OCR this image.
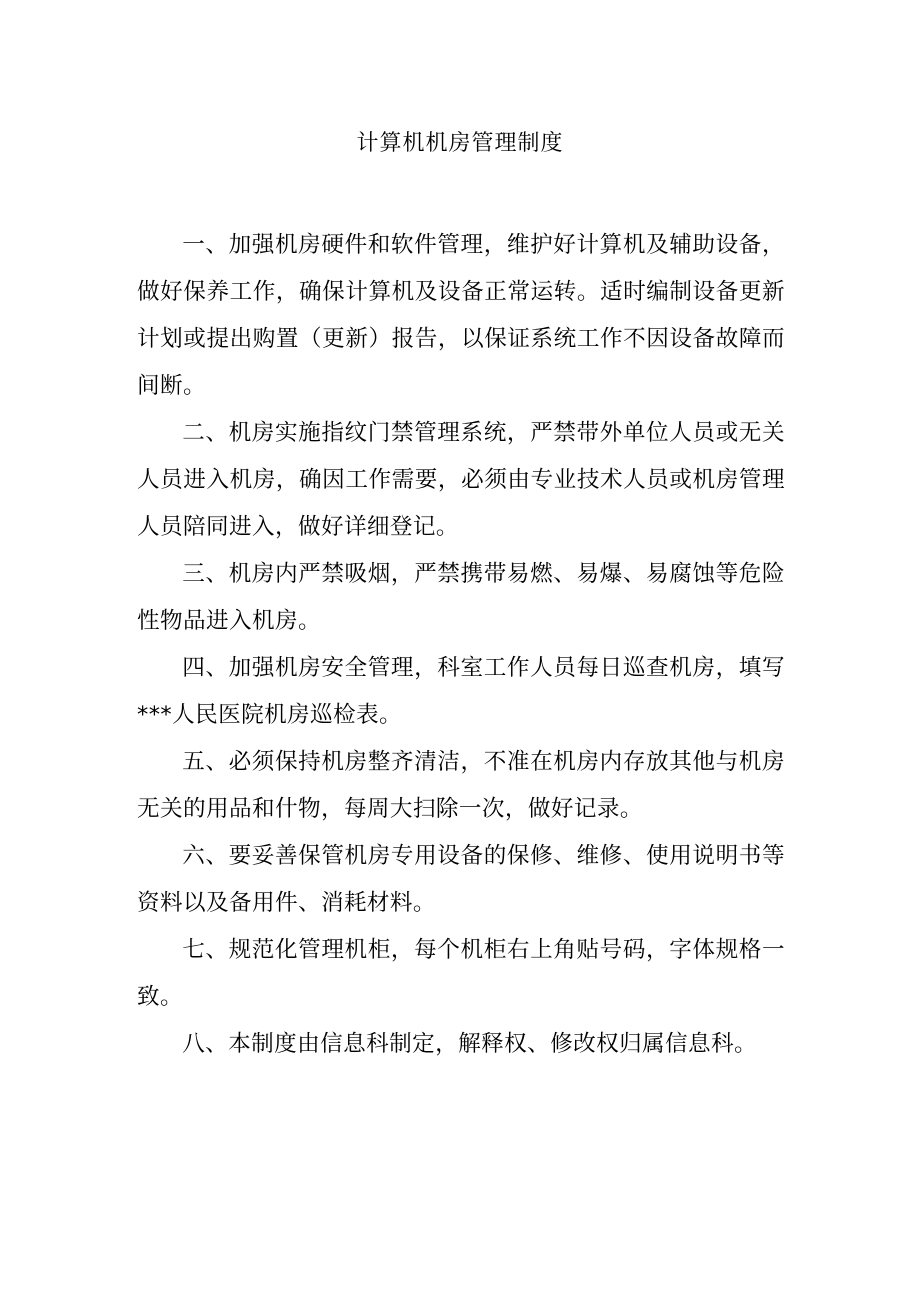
计算机机房管理制度

一、加强机房硬件和软件管理，维护好计算机及辅助设备，做好保养工作，确保计算机及设备正常运转。适时编制设备更新计划或提出购置（更新）报告，以保证系统工作不因设备故障而间断。

二、机房实施指纹门禁管理系统，严禁带外单位人员或无关人员进入机房，确因工作需要，必须由专业技术人员或机房管理人员陪同进入，做好详细登记。

三、机房内严禁吸烟，严禁携带易燃、易爆、易腐蚀等危险性物品进入机房。

四、加强机房安全管理，科室工作人员每日巡查机房，填写***人民医院机房巡检表。

五、必须保持机房整齐清洁，不准在机房内存放其他与机房无关的用品和什物，每周大扫除一次，做好记录。

六、要妥善保管机房专用设备的保修、维修、使用说明书等资料以及备用件、消耗材料。

七、规范化管理机柜，每个机柜右上角贴号码，字体规格一致。

八、本制度由信息科制定，解释权、修改权归属信息科。
